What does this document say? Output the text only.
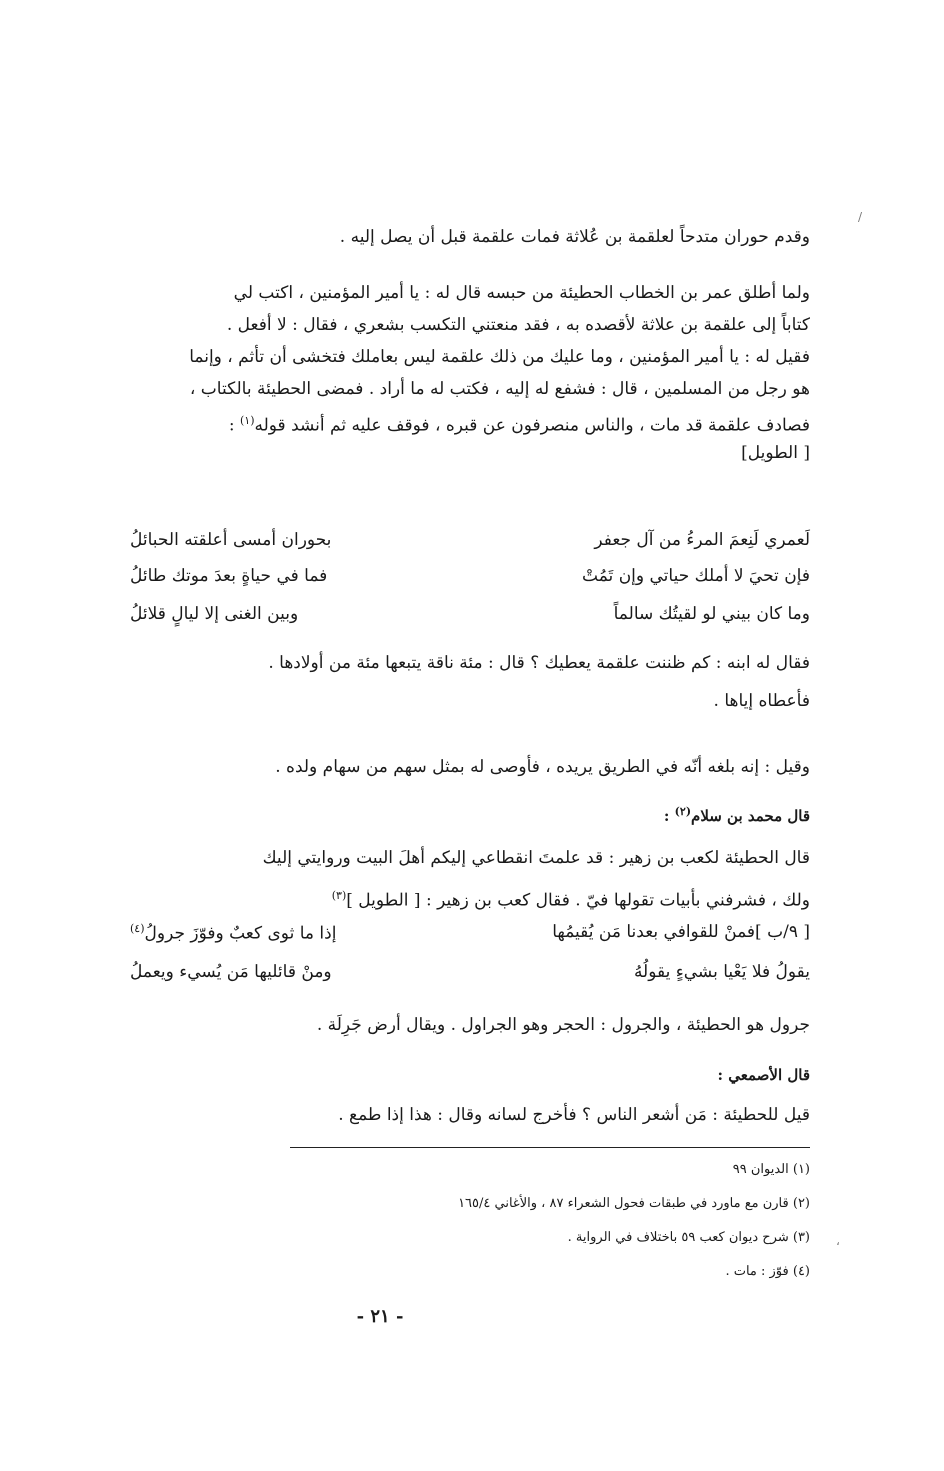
وقدم حوران متدحاً لعلقمة بن عُلاثة فمات علقمة قبل أن يصل إليه .
ولما أطلق عمر بن الخطاب الحطيئة من حبسه قال له : يا أمير المؤمنين ، اكتب لي
كتاباً إلى علقمة بن علاثة لأقصده به ، فقد منعتني التكسب بشعري ، فقال : لا أفعل .
فقيل له : يا أمير المؤمنين ، وما عليك من ذلك علقمة ليس بعاملك فتخشى أن تأثم ، وإنما
هو رجل من المسلمين ، قال : فشفع له إليه ، فكتب له ما أراد . فمضى الحطيئة بالكتاب ،
فصادف علقمة قد مات ، والناس منصرفون عن قبره ، فوقف عليه ثم أنشد قوله$^{(١)}$ :
[ الطويل]
لَعمري لَنِعمَ المرءُ من آل جعفر
بحوران أمسى أعلقته الحبائلُ
فإن تحيَ لا أملك حياتي وإن تَمُتْ
فما في حياةٍ بعدَ موتك طائلُ
وما كان بيني لو لقيتُك سالماً
وبين الغنى إلا ليالٍ قلائلُ
فقال له ابنه : كم ظننت علقمة يعطيك ؟ قال : مئة ناقة يتبعها مئة من أولادها .
فأعطاه إياها .
وقيل : إنه بلغه أنّه في الطريق يريده ، فأوصى له بمثل سهم من سهام ولده .
قال محمد بن سلام$^{(٢)}$ :
قال الحطيئة لكعب بن زهير : قد علمتَ انقطاعي إليكم أهلَ البيت وروايتي إليك
ولك ، فشرفني بأبيات تقولها فيّ . فقال كعب بن زهير : [ الطويل ]$^{(٣)}$
[ ٩/ب ]فمنْ للقوافي بعدنا مَن يُقيمُها
إذا ما ثوى كعبٌ وفوّزَ جرولُ$^{(٤)}$
يقولُ فلا يَعْيا بشيءٍ يقولُهُ
ومنْ قائليها مَن يُسيء ويعملُ
جرول هو الحطيئة ، والجرول : الحجر وهو الجراول . ويقال أرض جَرِلَة .
قال الأصمعي :
قيل للحطيئة : مَن أشعر الناس ؟ فأخرج لسانه وقال : هذا إذا طمع .
(١) الديوان ٩٩
(٢) قارن مع ماورد في طبقات فحول الشعراء ٨٧ ، والأغاني ١٦٥/٤
(٣) شرح ديوان كعب ٥٩ باختلاف في الرواية .
(٤) فوّز : مات .
- ٢١ -
/
،
